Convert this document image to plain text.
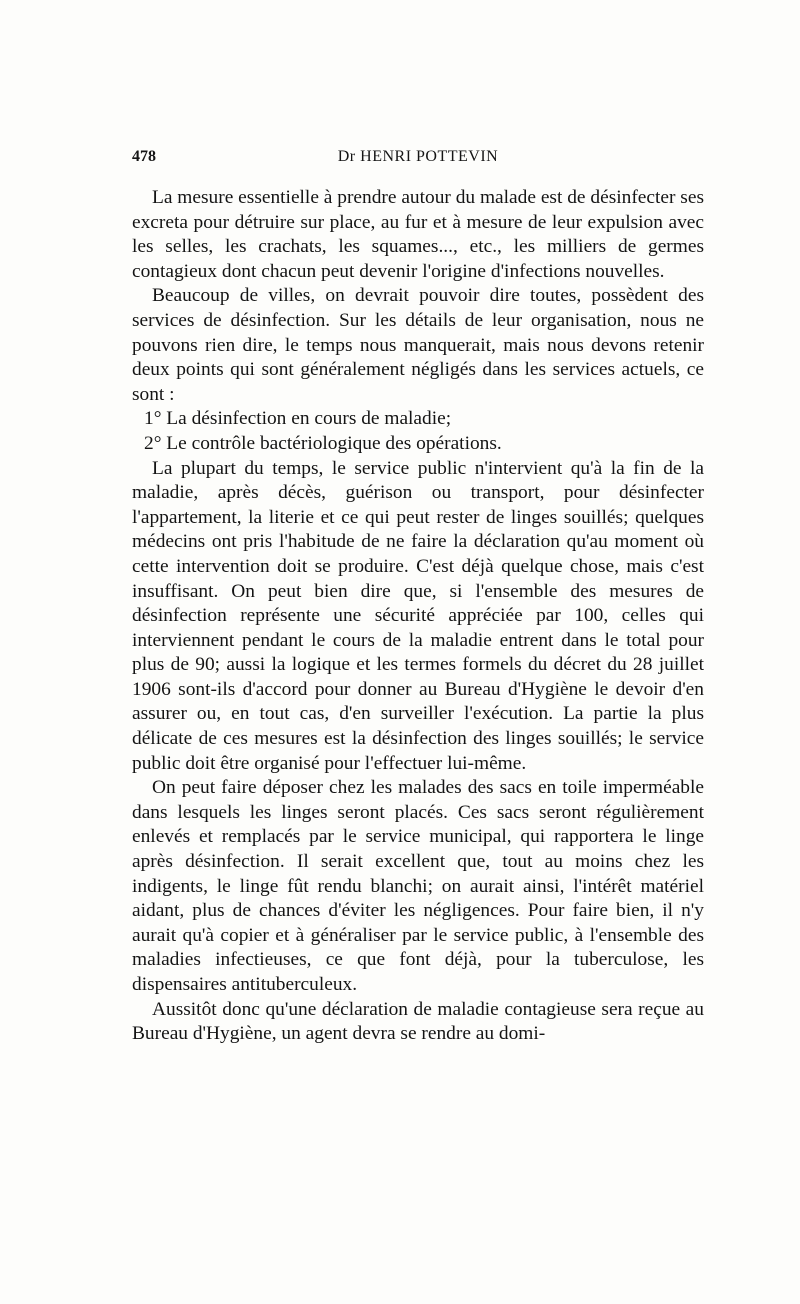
478	Dr HENRI POTTEVIN

La mesure essentielle à prendre autour du malade est de désinfecter ses excreta pour détruire sur place, au fur et à mesure de leur expulsion avec les selles, les crachats, les squames..., etc., les milliers de germes contagieux dont chacun peut devenir l'origine d'infections nouvelles.

Beaucoup de villes, on devrait pouvoir dire toutes, possèdent des services de désinfection. Sur les détails de leur organisation, nous ne pouvons rien dire, le temps nous manquerait, mais nous devons retenir deux points qui sont généralement négligés dans les services actuels, ce sont :

1° La désinfection en cours de maladie;

2° Le contrôle bactériologique des opérations.

La plupart du temps, le service public n'intervient qu'à la fin de la maladie, après décès, guérison ou transport, pour désinfecter l'appartement, la literie et ce qui peut rester de linges souillés; quelques médecins ont pris l'habitude de ne faire la déclaration qu'au moment où cette intervention doit se produire. C'est déjà quelque chose, mais c'est insuffisant. On peut bien dire que, si l'ensemble des mesures de désinfection représente une sécurité appréciée par 100, celles qui interviennent pendant le cours de la maladie entrent dans le total pour plus de 90; aussi la logique et les termes formels du décret du 28 juillet 1906 sont-ils d'accord pour donner au Bureau d'Hygiène le devoir d'en assurer ou, en tout cas, d'en surveiller l'exécution. La partie la plus délicate de ces mesures est la désinfection des linges souillés; le service public doit être organisé pour l'effectuer lui-même.

On peut faire déposer chez les malades des sacs en toile imperméable dans lesquels les linges seront placés. Ces sacs seront régulièrement enlevés et remplacés par le service municipal, qui rapportera le linge après désinfection. Il serait excellent que, tout au moins chez les indigents, le linge fût rendu blanchi; on aurait ainsi, l'intérêt matériel aidant, plus de chances d'éviter les négligences. Pour faire bien, il n'y aurait qu'à copier et à généraliser par le service public, à l'ensemble des maladies infectieuses, ce que font déjà, pour la tuberculose, les dispensaires antituberculeux.

Aussitôt donc qu'une déclaration de maladie contagieuse sera reçue au Bureau d'Hygiène, un agent devra se rendre au domi-
